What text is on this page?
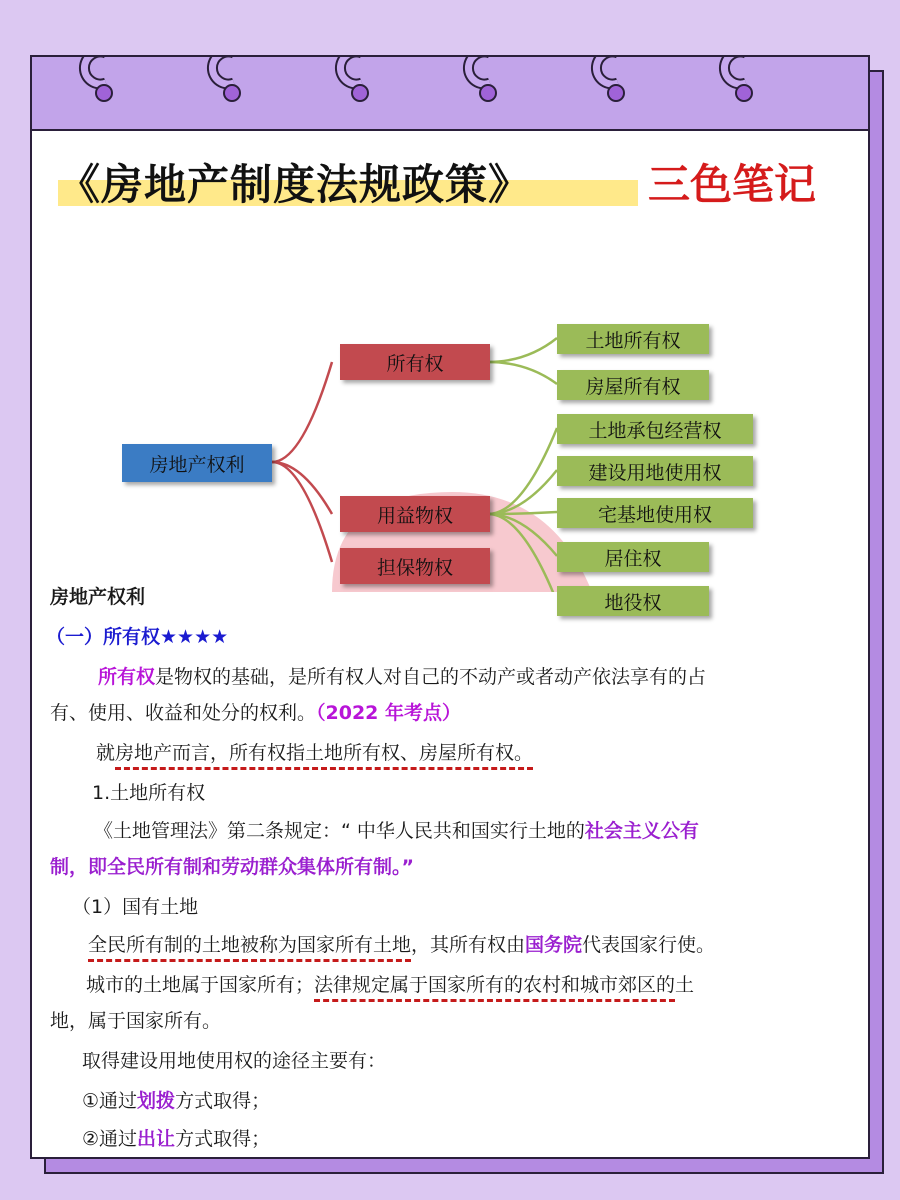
《房地产制度法规政策》	三色笔记
房地产权利
所有权
用益物权
担保物权
土地所有权
房屋所有权
土地承包经营权
建设用地使用权
宅基地使用权
居住权
地役权
房地产权利
（一）所有权★★★★
所有权是物权的基础，是所有权人对自己的不动产或者动产依法享有的占
有、使用、收益和处分的权利。（2022 年考点）
就房地产而言，所有权指土地所有权、房屋所有权。
1.土地所有权
《土地管理法》第二条规定：“ 中华人民共和国实行土地的社会主义公有
制，即全民所有制和劳动群众集体所有制。”
（1）国有土地
全民所有制的土地被称为国家所有土地，其所有权由国务院代表国家行使。
城市的土地属于国家所有；法律规定属于国家所有的农村和城市郊区的土
地，属于国家所有。
取得建设用地使用权的途径主要有：
①通过划拨方式取得；
②通过出让方式取得；
